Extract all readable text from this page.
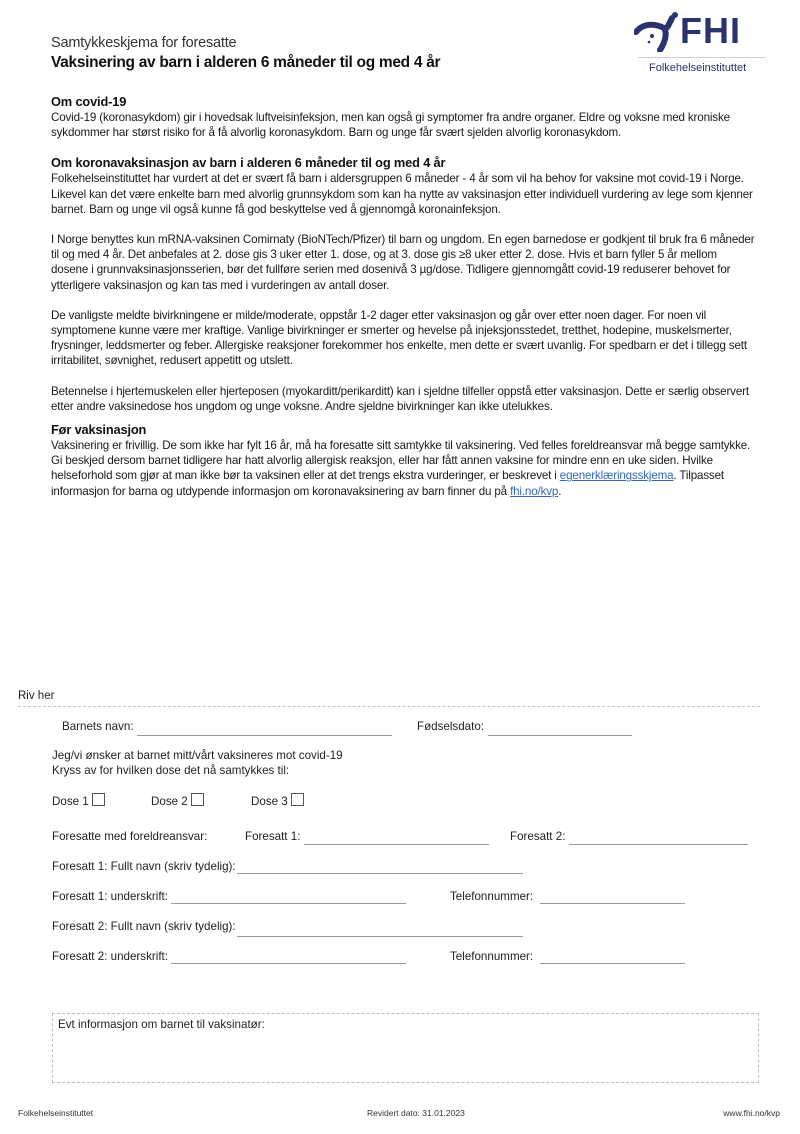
Samtykkeskjema for foresatte
Vaksinering av barn i alderen 6 måneder til og med 4 år
FHI
Folkehelseinstituttet
Om covid-19

Covid-19 (koronasykdom) gir i hovedsak luftveisinfeksjon, men kan også gi symptomer fra andre organer. Eldre og voksne med kroniske sykdommer har størst risiko for å få alvorlig koronasykdom. Barn og unge får svært sjelden alvorlig koronasykdom.

Om koronavaksinasjon av barn i alderen 6 måneder til og med 4 år

Folkehelseinstituttet har vurdert at det er svært få barn i aldersgruppen 6 måneder - 4 år som vil ha behov for vaksine mot covid-19 i Norge. Likevel kan det være enkelte barn med alvorlig grunnsykdom som kan ha nytte av vaksinasjon etter individuell vurdering av lege som kjenner barnet. Barn og unge vil også kunne få god beskyttelse ved å gjennomgå koronainfeksjon.

I Norge benyttes kun mRNA-vaksinen Comirnaty (BioNTech/Pfizer) til barn og ungdom. En egen barnedose er godkjent til bruk fra 6 måneder til og med 4 år. Det anbefales at 2. dose gis 3 uker etter 1. dose, og at 3. dose gis ≥8 uker etter 2. dose. Hvis et barn fyller 5 år mellom dosene i grunnvaksinasjonsserien, bør det fullføre serien med dosenivå 3 µg/dose. Tidligere gjennomgått covid-19 reduserer behovet for ytterligere vaksinasjon og kan tas med i vurderingen av antall doser.

De vanligste meldte bivirkningene er milde/moderate, oppstår 1-2 dager etter vaksinasjon og går over etter noen dager. For noen vil symptomene kunne være mer kraftige. Vanlige bivirkninger er smerter og hevelse på injeksjonsstedet, tretthet, hodepine, muskelsmerter, frysninger, leddsmerter og feber. Allergiske reaksjoner forekommer hos enkelte, men dette er svært uvanlig. For spedbarn er det i tillegg sett irritabilitet, søvnighet, redusert appetitt og utslett.

Betennelse i hjertemuskelen eller hjerteposen (myokarditt/perikarditt) kan i sjeldne tilfeller oppstå etter vaksinasjon. Dette er særlig observert etter andre vaksinedose hos ungdom og unge voksne. Andre sjeldne bivirkninger kan ikke utelukkes.

Før vaksinasjon

Vaksinering er frivillig. De som ikke har fylt 16 år, må ha foresatte sitt samtykke til vaksinering. Ved felles foreldreansvar må begge samtykke. Gi beskjed dersom barnet tidligere har hatt alvorlig allergisk reaksjon, eller har fått annen vaksine for mindre enn en uke siden. Hvilke helseforhold som gjør at man ikke bør ta vaksinen eller at det trengs ekstra vurderinger, er beskrevet i egenerklæringsskjema. Tilpasset informasjon for barna og utdypende informasjon om koronavaksinering av barn finner du på fhi.no/kvp.

Riv her
Barnets navn:	Fødselsdato:
Jeg/vi ønsker at barnet mitt/vårt vaksineres mot covid-19
Kryss av for hvilken dose det nå samtykkes til:
Dose 1	Dose 2	Dose 3
Foresatte med foreldreansvar:	Foresatt 1:	Foresatt 2:
Foresatt 1: Fullt navn (skriv tydelig):
Foresatt 1: underskrift:	Telefonnummer:
Foresatt 2: Fullt navn (skriv tydelig):
Foresatt 2: underskrift:	Telefonnummer:
Evt informasjon om barnet til vaksinatør:
Folkehelseinstituttet	Revidert dato: 31.01.2023	www.fhi.no/kvp
